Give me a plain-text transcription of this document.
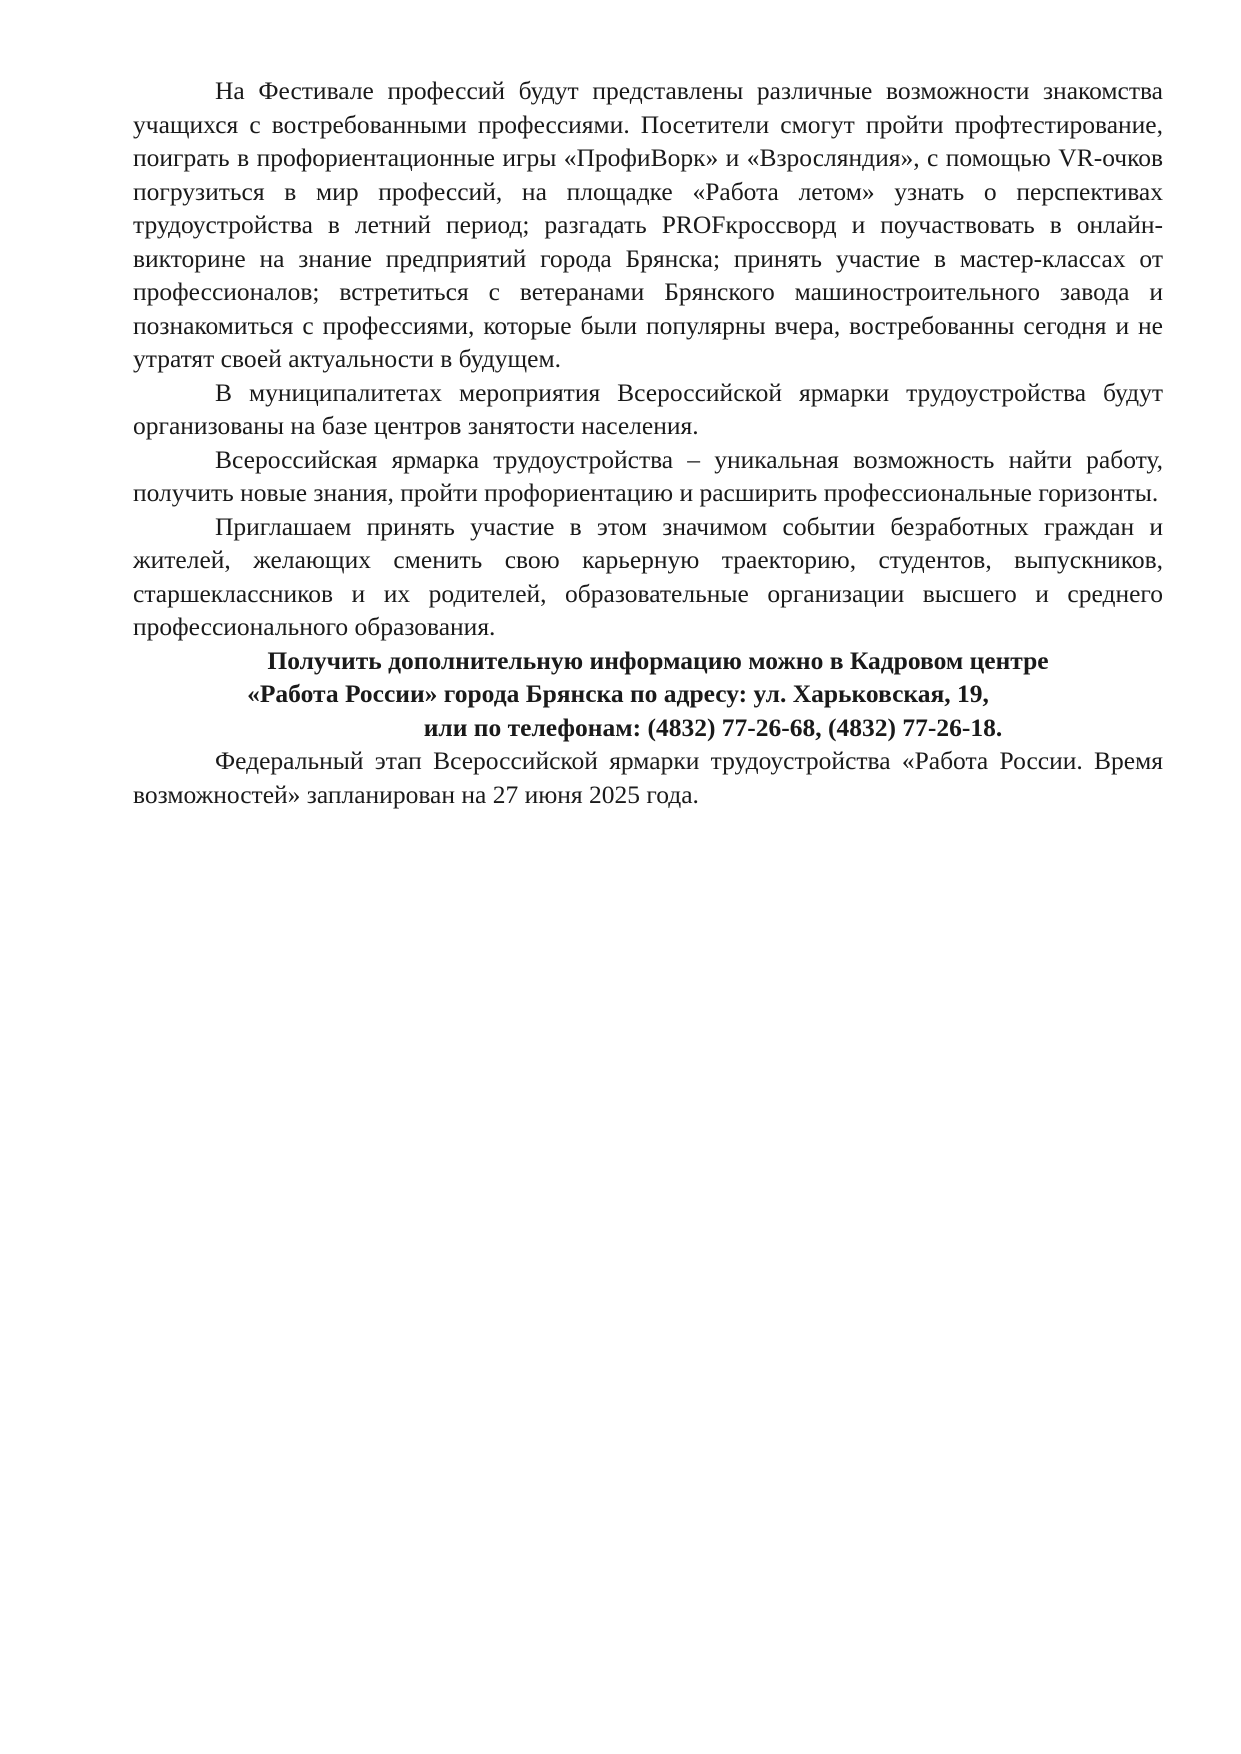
На Фестивале профессий будут представлены различные возможности знакомства учащихся с востребованными профессиями. Посетители смогут пройти профтестирование, поиграть в профориентационные игры «ПрофиВорк» и «Взросляндия», с помощью VR-очков погрузиться в мир профессий, на площадке «Работа летом» узнать о перспективах трудоустройства в летний период; разгадать PROFкроссворд и поучаствовать в онлайн-викторине на знание предприятий города Брянска; принять участие в мастер-классах от профессионалов; встретиться с ветеранами Брянского машиностроительного завода и познакомиться с профессиями, которые были популярны вчера, востребованны сегодня и не утратят своей актуальности в будущем.

В муниципалитетах мероприятия Всероссийской ярмарки трудоустройства будут организованы на базе центров занятости населения.

Всероссийская ярмарка трудоустройства – уникальная возможность найти работу, получить новые знания, пройти профориентацию и расширить профессиональные горизонты.

Приглашаем принять участие в этом значимом событии безработных граждан и жителей, желающих сменить свою карьерную траекторию, студентов, выпускников, старшеклассников и их родителей, образовательные организации высшего и среднего профессионального образования.

Получить дополнительную информацию можно в Кадровом центре
«Работа России» города Брянска по адресу: ул. Харьковская, 19,
или по телефонам: (4832) 77-26-68, (4832) 77-26-18.

Федеральный этап Всероссийской ярмарки трудоустройства «Работа России. Время возможностей» запланирован на 27 июня 2025 года.
